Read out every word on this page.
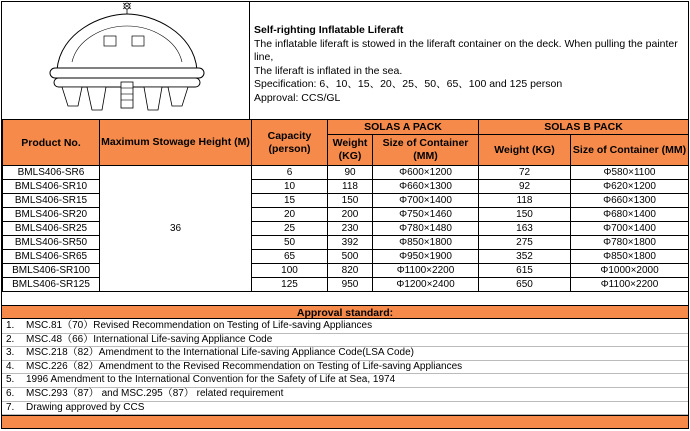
Self-righting Inflatable Liferaft
The inflatable liferaft is stowed in the liferaft container on the deck. When pulling the painter
line,
The liferaft is inflated in the sea.
Specification: 6、10、15、20、25、50、65、100 and 125 person
Approval: CCS/GL
Product No.	Maximum Stowage Height (M)	Capacity (person)	SOLAS A PACK		SOLAS B PACK	
			Weight (KG)	Size of Container (MM)	Weight (KG)	Size of Container (MM)
BMLS406-SR6	36	6	90	Φ600×1200	72	Φ580×1100
BMLS406-SR10		10	118	Φ660×1300	92	Φ620×1200
BMLS406-SR15		15	150	Φ700×1400	118	Φ660×1300
BMLS406-SR20		20	200	Φ750×1460	150	Φ680×1400
BMLS406-SR25		25	230	Φ780×1480	163	Φ700×1400
BMLS406-SR50		50	392	Φ850×1800	275	Φ780×1800
BMLS406-SR65		65	500	Φ950×1900	352	Φ850×1800
BMLS406-SR100		100	820	Φ1100×2200	615	Φ1000×2000
BMLS406-SR125		125	950	Φ1200×2400	650	Φ1100×2200
Approval standard:
1. MSC.81（70）Revised Recommendation on Testing of Life-saving Appliances
2. MSC.48（66）International Life-saving Appliance Code
3. MSC.218（82）Amendment to the International Life-saving Appliance Code(LSA Code)
4. MSC.226（82）Amendment to the Revised Recommendation on Testing of Life-saving Appliances
5. 1996 Amendment to the International Convention for the Safety of Life at Sea, 1974
6. MSC.293（87） and MSC.295（87） related requirement
7. Drawing approved by CCS
